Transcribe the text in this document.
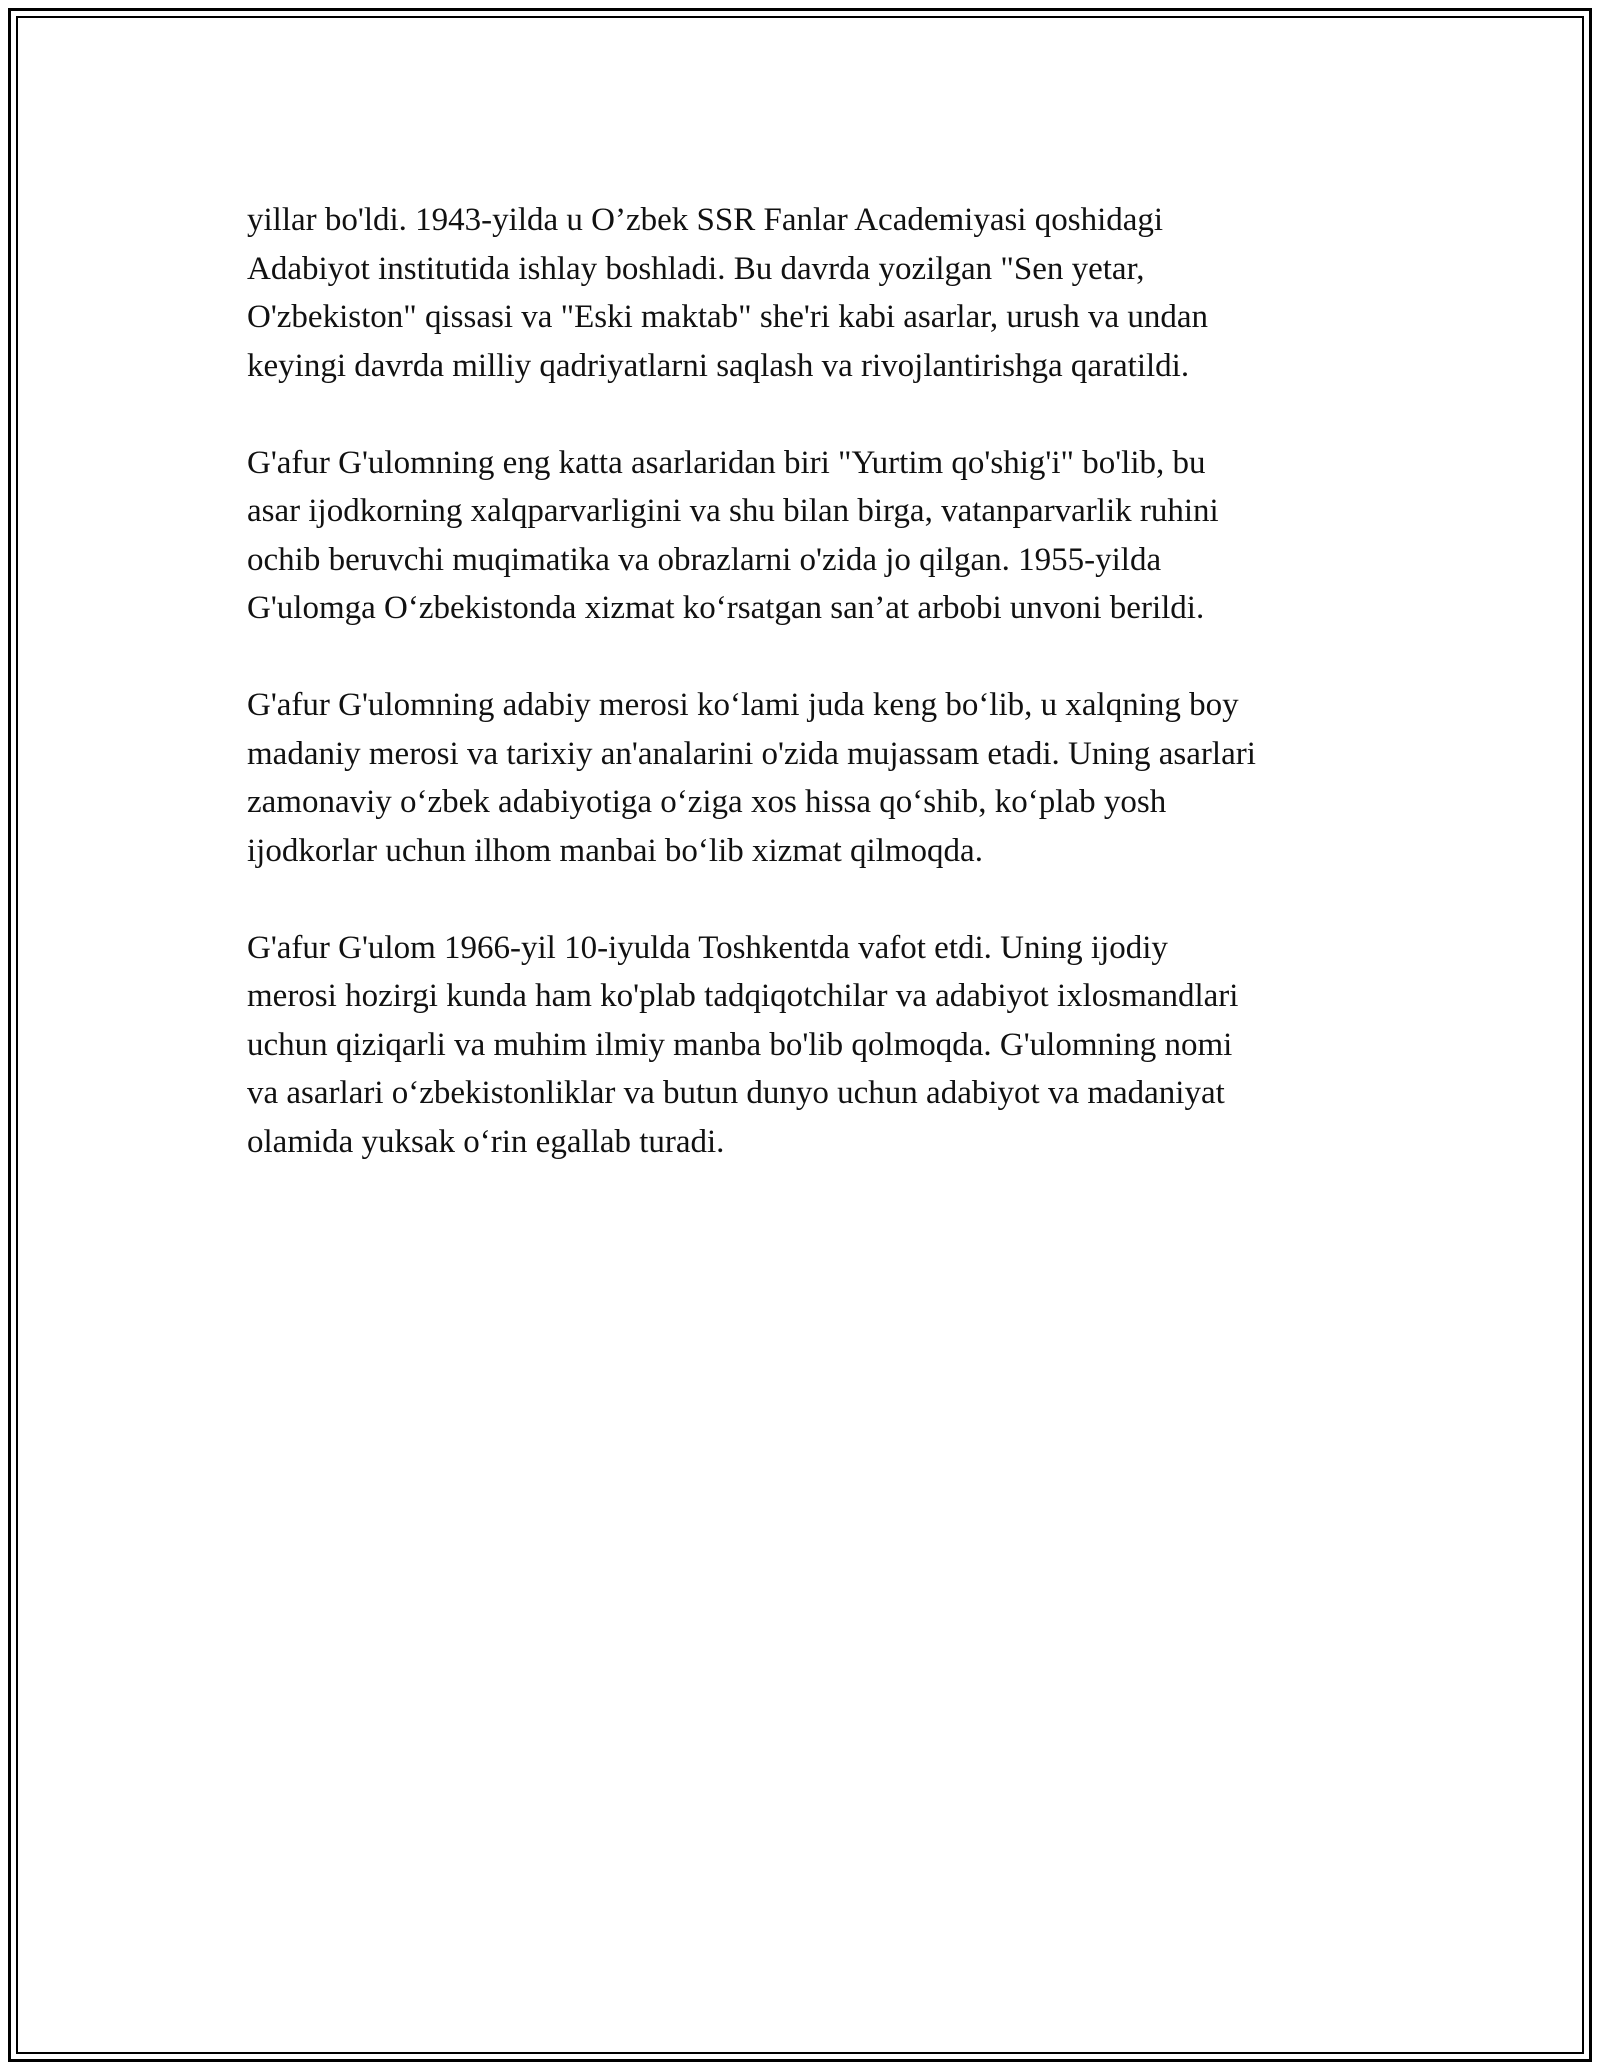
yillar bo'ldi. 1943-yilda u O’zbek SSR Fanlar Academiyasi qoshidagi
Adabiyot institutida ishlay boshladi. Bu davrda yozilgan "Sen yetar,
O'zbekiston" qissasi va "Eski maktab" she'ri kabi asarlar, urush va undan
keyingi davrda milliy qadriyatlarni saqlash va rivojlantirishga qaratildi.
G'afur G'ulomning eng katta asarlaridan biri "Yurtim qo'shig'i" bo'lib, bu
asar ijodkorning xalqparvarligini va shu bilan birga, vatanparvarlik ruhini
ochib beruvchi muqimatika va obrazlarni o'zida jo qilgan. 1955-yilda
G'ulomga O‘zbekistonda xizmat ko‘rsatgan san’at arbobi unvoni berildi.
G'afur G'ulomning adabiy merosi ko‘lami juda keng bo‘lib, u xalqning boy
madaniy merosi va tarixiy an'analarini o'zida mujassam etadi. Uning asarlari
zamonaviy o‘zbek adabiyotiga o‘ziga xos hissa qo‘shib, ko‘plab yosh
ijodkorlar uchun ilhom manbai bo‘lib xizmat qilmoqda.
G'afur G'ulom 1966-yil 10-iyulda Toshkentda vafot etdi. Uning ijodiy
merosi hozirgi kunda ham ko'plab tadqiqotchilar va adabiyot ixlosmandlari
uchun qiziqarli va muhim ilmiy manba bo'lib qolmoqda. G'ulomning nomi
va asarlari o‘zbekistonliklar va butun dunyo uchun adabiyot va madaniyat
olamida yuksak o‘rin egallab turadi.
